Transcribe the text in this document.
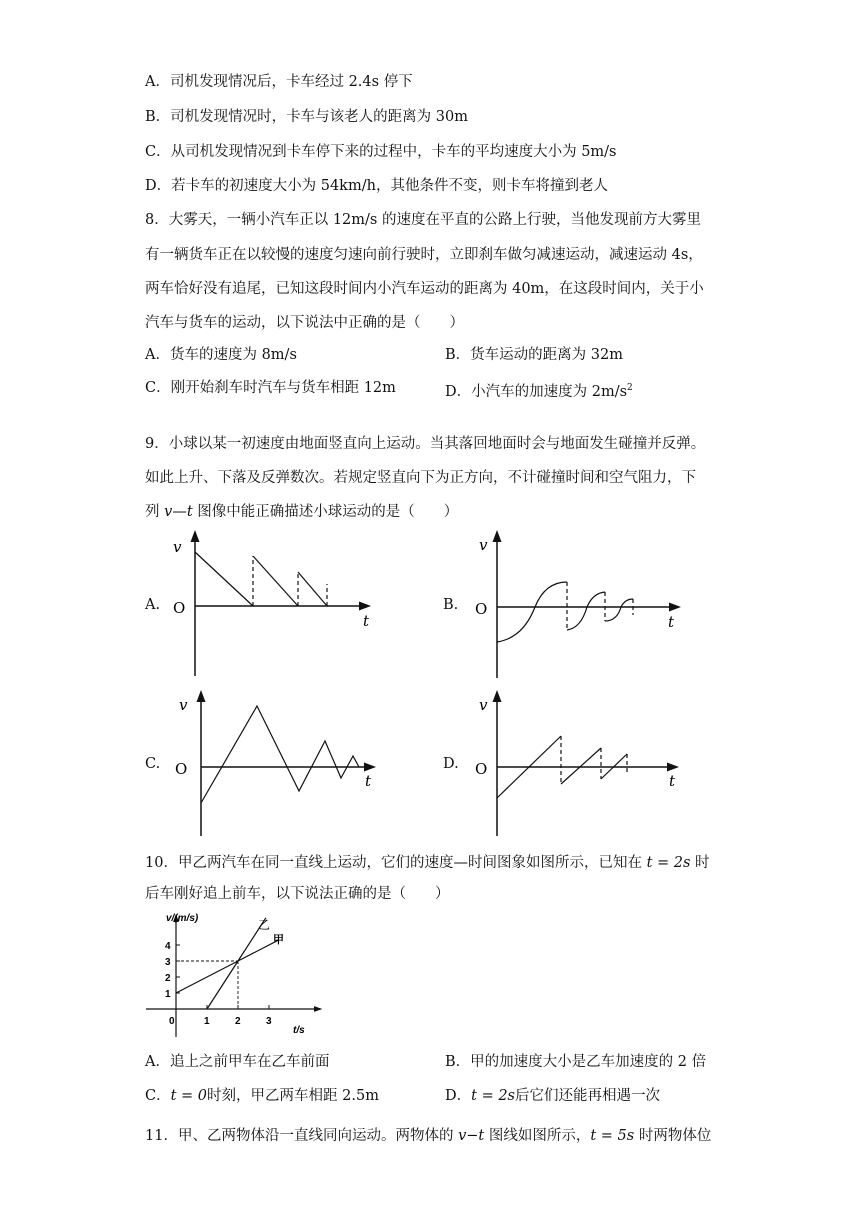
A．司机发现情况后，卡车经过 2.4s 停下
B．司机发现情况时，卡车与该老人的距离为 30m
C．从司机发现情况到卡车停下来的过程中，卡车的平均速度大小为 5m/s
D．若卡车的初速度大小为 54km/h，其他条件不变，则卡车将撞到老人
8．大雾天，一辆小汽车正以 12m/s 的速度在平直的公路上行驶，当他发现前方大雾里
有一辆货车正在以较慢的速度匀速向前行驶时，立即刹车做匀减速运动，减速运动 4s，
两车恰好没有追尾，已知这段时间内小汽车运动的距离为 40m，在这段时间内，关于小
汽车与货车的运动，以下说法中正确的是（　　）
A．货车的速度为 8m/s	B．货车运动的距离为 32m
C．刚开始刹车时汽车与货车相距 12m	D．小汽车的加速度为 $2m/s^2$
9．小球以某一初速度由地面竖直向上运动。当其落回地面时会与地面发生碰撞并反弹。
如此上升、下落及反弹数次。若规定竖直向下为正方向，不计碰撞时间和空气阻力，下
列 v—t 图像中能正确描述小球运动的是（　　）
A.
v
O
t
B.
v
O
t
C.
v
O
t
D.
v
O
t
10．甲乙两汽车在同一直线上运动，它们的速度—时间图象如图所示，已知在 t = 2s 时
后车刚好追上前车，以下说法正确的是（　　）
v/(m/s)
t/s
1
2
3
4
0	1	2	3
乙
甲
A．追上之前甲车在乙车前面	B．甲的加速度大小是乙车加速度的 2 倍
C．t = 0时刻，甲乙两车相距 2.5m	D．t = 2s后它们还能再相遇一次
11．甲、乙两物体沿一直线同向运动。两物体的 v−t 图线如图所示，t = 5s 时两物体位
